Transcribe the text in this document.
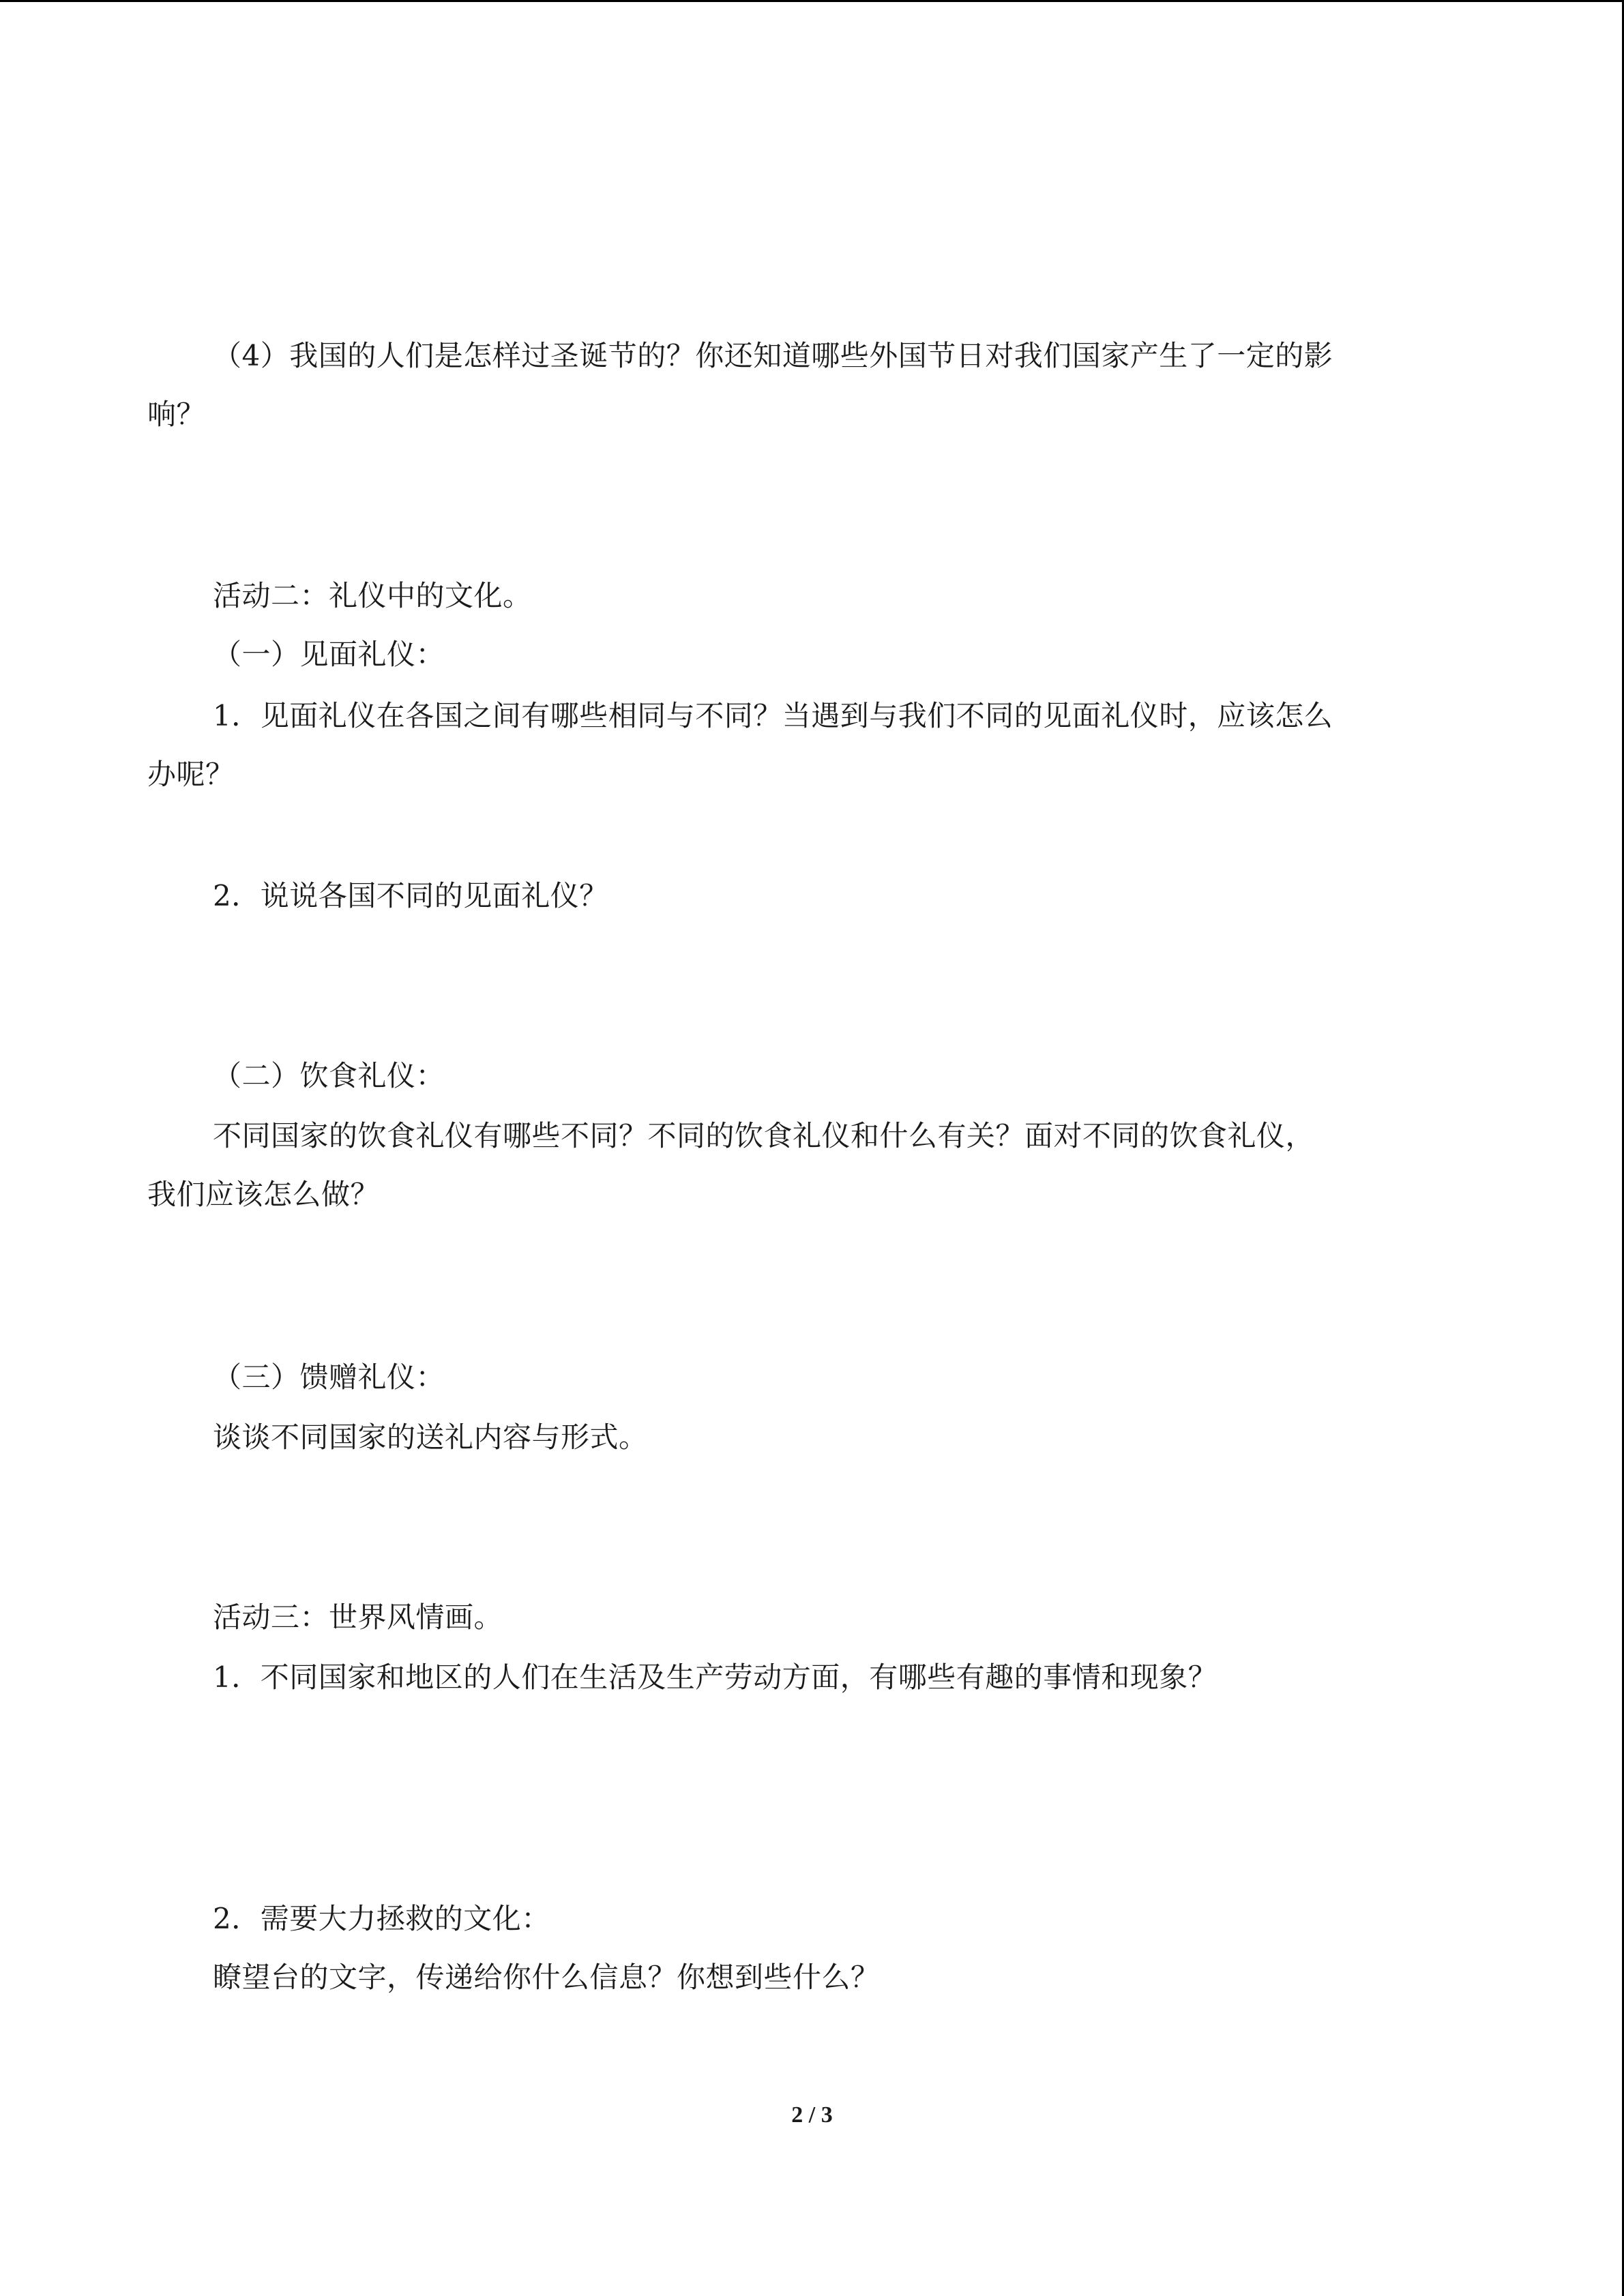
（4）我国的人们是怎样过圣诞节的？你还知道哪些外国节日对我们国家产生了一定的影
响？
活动二：礼仪中的文化。
（一）见面礼仪：
1．见面礼仪在各国之间有哪些相同与不同？当遇到与我们不同的见面礼仪时，应该怎么
办呢？
2．说说各国不同的见面礼仪？
（二）饮食礼仪：
不同国家的饮食礼仪有哪些不同？不同的饮食礼仪和什么有关？面对不同的饮食礼仪，
我们应该怎么做？
（三）馈赠礼仪：
谈谈不同国家的送礼内容与形式。
活动三：世界风情画。
1．不同国家和地区的人们在生活及生产劳动方面，有哪些有趣的事情和现象？
2．需要大力拯救的文化：
瞭望台的文字，传递给你什么信息？你想到些什么？
2 / 3
